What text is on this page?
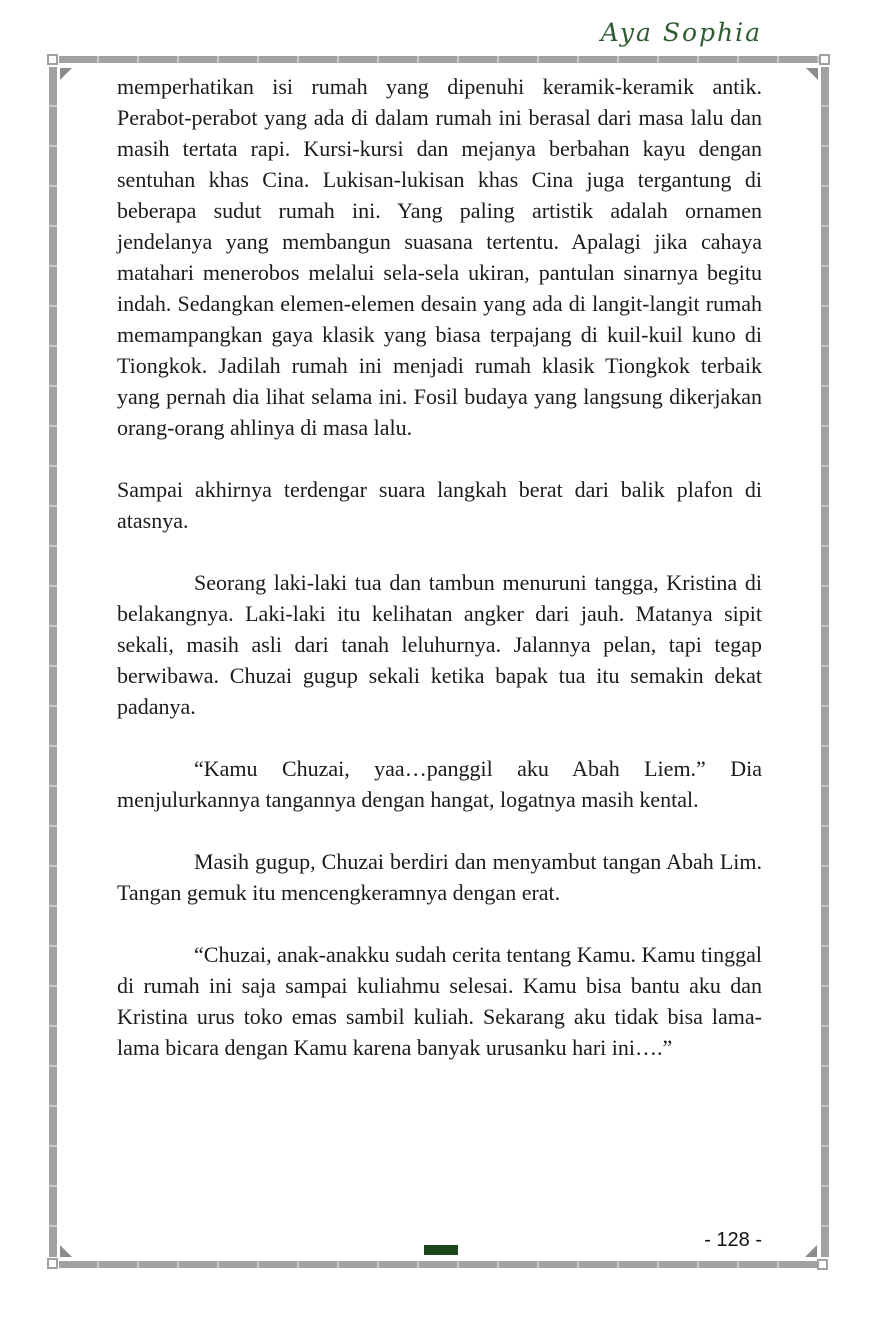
Aya Sophia

memperhatikan isi rumah yang dipenuhi keramik-keramik antik. Perabot-perabot yang ada di dalam rumah ini berasal dari masa lalu dan masih tertata rapi. Kursi-kursi dan mejanya berbahan kayu dengan sentuhan khas Cina. Lukisan-lukisan khas Cina juga tergantung di beberapa sudut rumah ini. Yang paling artistik adalah ornamen jendelanya yang membangun suasana tertentu. Apalagi jika cahaya matahari menerobos melalui sela-sela ukiran, pantulan sinarnya begitu indah. Sedangkan elemen-elemen desain yang ada di langit-langit rumah memampangkan gaya klasik yang biasa terpajang di kuil-kuil kuno di Tiongkok. Jadilah rumah ini menjadi rumah klasik Tiongkok terbaik yang pernah dia lihat selama ini. Fosil budaya yang langsung dikerjakan orang-orang ahlinya di masa lalu.

Sampai akhirnya terdengar suara langkah berat dari balik plafon di atasnya.

Seorang laki-laki tua dan tambun menuruni tangga, Kristina di belakangnya. Laki-laki itu kelihatan angker dari jauh. Matanya sipit sekali, masih asli dari tanah leluhurnya. Jalannya pelan, tapi tegap berwibawa. Chuzai gugup sekali ketika bapak tua itu semakin dekat padanya.

“Kamu Chuzai, yaa…panggil aku Abah Liem.” Dia menjulurkannya tangannya dengan hangat, logatnya masih kental.

Masih gugup, Chuzai berdiri dan menyambut tangan Abah Lim. Tangan gemuk itu mencengkeramnya dengan erat.

“Chuzai, anak-anakku sudah cerita tentang Kamu. Kamu tinggal di rumah ini saja sampai kuliahmu selesai. Kamu bisa bantu aku dan Kristina urus toko emas sambil kuliah. Sekarang aku tidak bisa lama-lama bicara dengan Kamu karena banyak urusanku hari ini….”

- 128 -
